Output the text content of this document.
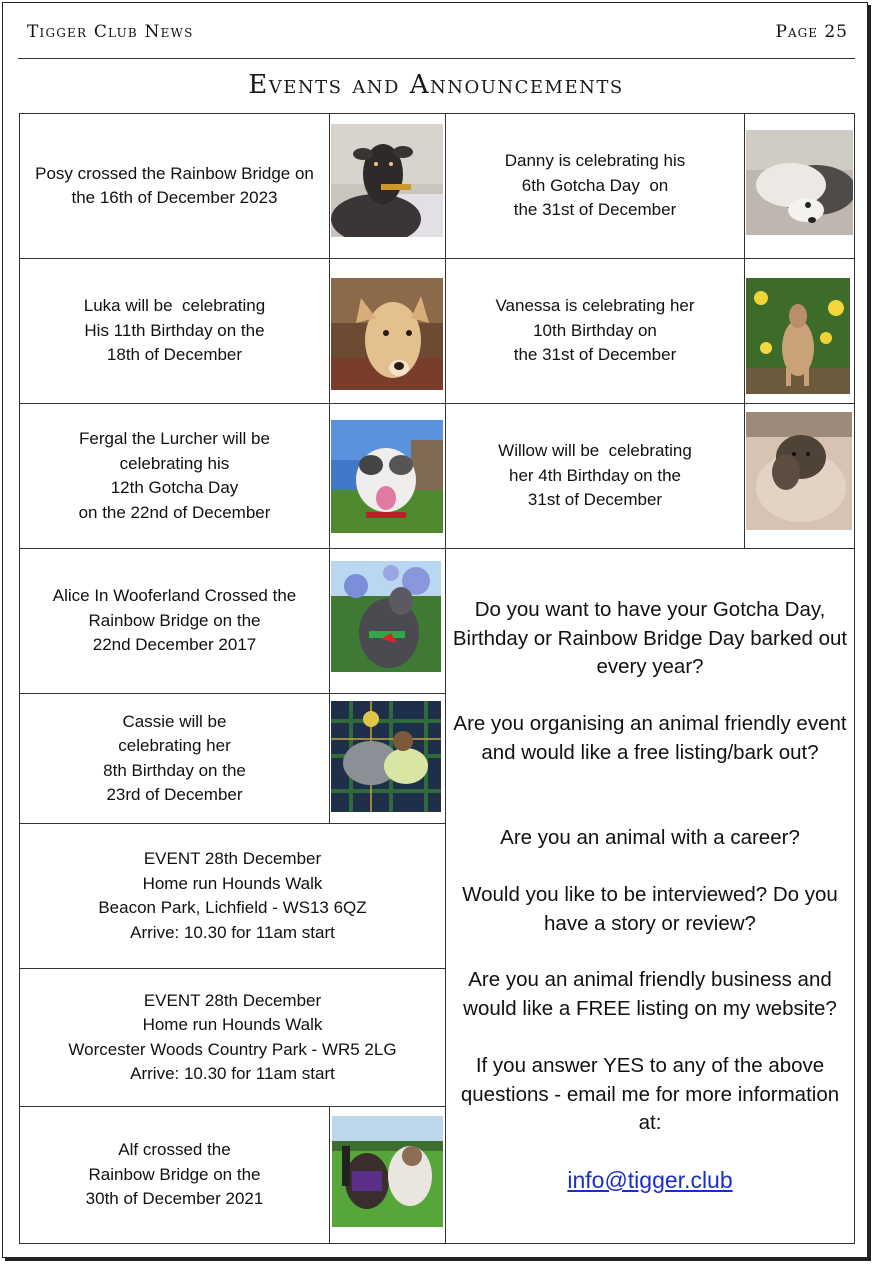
Tigger Club News	Page 25
Events and Announcements
Posy crossed the Rainbow Bridge on
the 16th of December 2023
Luka will be  celebrating
His 11th Birthday on the
18th of December
Fergal the Lurcher will be
celebrating his
12th Gotcha Day
on the 22nd of December
Alice In Wooferland Crossed the
Rainbow Bridge on the
22nd December 2017
Cassie will be
celebrating her
8th Birthday on the
23rd of December
EVENT 28th December
Home run Hounds Walk
Beacon Park, Lichfield - WS13 6QZ
Arrive: 10.30 for 11am start
EVENT 28th December
Home run Hounds Walk
Worcester Woods Country Park - WR5 2LG
Arrive: 10.30 for 11am start
Alf crossed the
Rainbow Bridge on the
30th of December 2021
Danny is celebrating his
6th Gotcha Day  on
the 31st of December
Vanessa is celebrating her
10th Birthday on
the 31st of December
Willow will be  celebrating
her 4th Birthday on the
31st of December

Do you want to have your Gotcha Day, Birthday or Rainbow Bridge Day barked out every year?

Are you organising an animal friendly event and would like a free listing/bark out?

Are you an animal with a career?

Would you like to be interviewed? Do you have a story or review?

Are you an animal friendly business and would like a FREE listing on my website?

If you answer YES to any of the above questions - email me for more information at:

info@tigger.club
